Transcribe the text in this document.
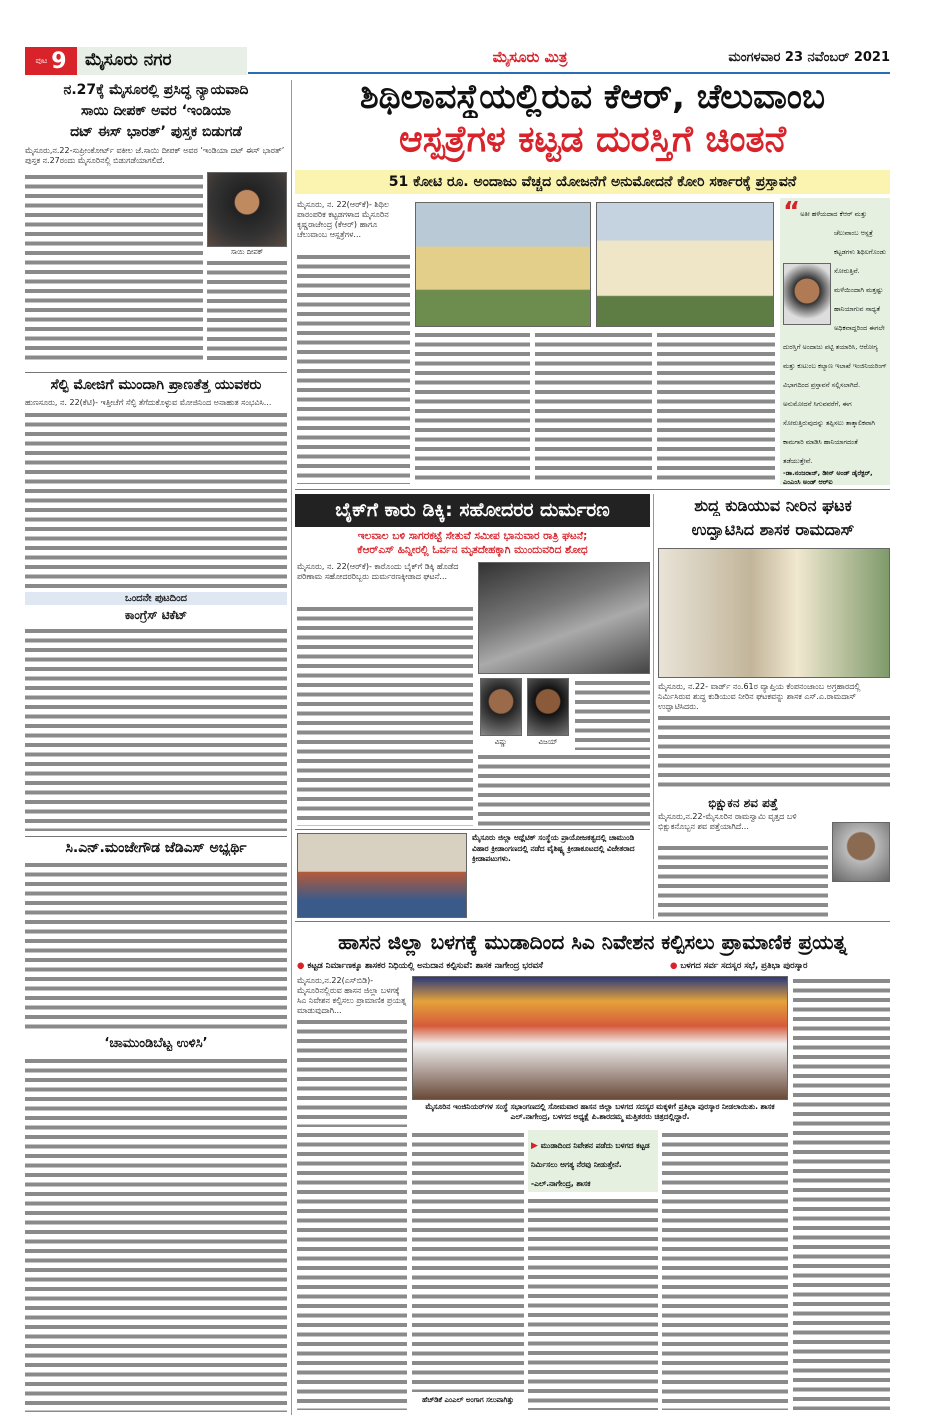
ಪುಟ 9	ಮೈಸೂರು ನಗರ	ಮೈಸೂರು ಮಿತ್ರ	ಮಂಗಳವಾರ 23 ನವೆಂಬರ್ 2021
ನ.27ಕ್ಕೆ ಮೈಸೂರಲ್ಲಿ ಪ್ರಸಿದ್ಧ ನ್ಯಾಯವಾದಿ
ಸಾಯಿ ದೀಪಕ್ ಅವರ ‘ಇಂಡಿಯಾ
ದಟ್ ಈಸ್ ಭಾರತ್’ ಪುಸ್ತಕ ಬಿಡುಗಡೆ
ಮೈಸೂರು,ನ.22-ಸುಪ್ರೀಂಕೋರ್ಟ್ ವಕೀಲ ಜೆ.ಸಾಯಿ ದೀಪಕ್ ಅವರ ‘ಇಂಡಿಯಾ ದಟ್ ಈಸ್ ಭಾರತ್’ ಪುಸ್ತಕ ನ.27ರಂದು ಮೈಸೂರಿನಲ್ಲಿ ಬಿಡುಗಡೆಯಾಗಲಿದೆ.
ಸಾಯಿ ದೀಪಕ್
ಸೆಲ್ಫಿ ಮೋಜಿಗೆ ಮುಂದಾಗಿ ಪ್ರಾಣತೆತ್ತ ಯುವಕರು
ಹುಣಸೂರು, ನ. 22(ಕೆಟಿ)- ಇತ್ತೀಚೆಗೆ ಸೆಲ್ಫಿ ತೆಗೆದುಕೊಳ್ಳುವ ಮೋಜಿನಿಂದ ಅನಾಹುತ ಸಂಭವಿಸಿ...
ಒಂದನೇ ಪುಟದಿಂದ
ಕಾಂಗ್ರೆಸ್ ಟಿಕೆಟ್
ಸಿ.ಎನ್.ಮಂಜೇಗೌಡ ಜೆಡಿಎಸ್ ಅಭ್ಯರ್ಥಿ
‘ಚಾಮುಂಡಿಬೆಟ್ಟ ಉಳಿಸಿ’
ಶಿಥಿಲಾವಸ್ಥೆಯಲ್ಲಿರುವ ಕೆಆರ್, ಚೆಲುವಾಂಬ
ಆಸ್ಪತ್ರೆಗಳ ಕಟ್ಟಡ ದುರಸ್ತಿಗೆ ಚಿಂತನೆ
51 ಕೋಟಿ ರೂ. ಅಂದಾಜು ವೆಚ್ಚದ ಯೋಜನೆಗೆ ಅನುಮೋದನೆ ಕೋರಿ ಸರ್ಕಾರಕ್ಕೆ ಪ್ರಸ್ತಾವನೆ
ಮೈಸೂರು, ನ. 22(ಆರ್‌ಕೆ)- ಶಿಥಿಲ ಪಾರಂಪರಿಕ ಕಟ್ಟಡಗಳಾದ ಮೈಸೂರಿನ ಕೃಷ್ಣರಾಜೇಂದ್ರ (ಕೆಆರ್) ಹಾಗೂ ಚೆಲುವಾಂಬ ಆಸ್ಪತ್ರೆಗಳ...
“ ಅತೀ ಹಳೆಯದಾದ ಕೆಆರ್ ಮತ್ತು ಚೆಲುವಾಂಬ ಆಸ್ಪತ್ರೆ ಕಟ್ಟಡಗಳು ಶಿಥಿಲಗೊಂಡು ಸೋರುತ್ತಿವೆ. ಮಳೆಯಿಂದಾಗಿ ಮತ್ತಷ್ಟು ಹಾನಿಯಾಗುವ ಸಾಧ್ಯತೆ ಅಧಿಕವಾದ್ದರಿಂದ ಈಗಲೇ ದುರಸ್ತಿಗೆ ಅಂದಾಜು ಪಟ್ಟಿ ತಯಾರಿಸಿ, ಆರೋಗ್ಯ ಮತ್ತು ಕುಟುಂಬ ಕಲ್ಯಾಣ ಇಲಾಖೆ ಇಂಜಿನಿಯರಿಂಗ್ ವಿಭಾಗದಿಂದ ಪ್ರಸ್ತಾವನೆ ಸಲ್ಲಿಸಲಾಗಿದೆ. ಅನುಮೋದನೆ ಸಿಗುವವರೆಗೆ, ಈಗ ಸೋರುತ್ತಿರುವುದನ್ನು ತಪ್ಪಿಸಲು ತಾತ್ಕಾಲಿಕವಾಗಿ ಕಾಮಗಾರಿ ಮಾಡಿಸಿ ಹಾನಿಯಾಗದಂತೆ ತಡೆಯುತ್ತೇವೆ.
-ಡಾ.ನಂಜರಾಜ್, ಡೀನ್ ಅಂಡ್ ಡೈರೆಕ್ಟರ್, ಎಂಎಂಸಿ ಅಂಡ್ ಆರ್‌ಐ
ಬೈಕ್‌ಗೆ ಕಾರು ಡಿಕ್ಕಿ: ಸಹೋದರರ ದುರ್ಮರಣ
ಇಲವಾಲ ಬಳಿ ಸಾಗರಕಟ್ಟೆ ಸೇತುವೆ ಸಮೀಪ ಭಾನುವಾರ ರಾತ್ರಿ ಘಟನೆ;
ಕೆಆರ್‌ಎಸ್ ಹಿನ್ನೀರಲ್ಲಿ ಓರ್ವನ ಮೃತದೇಹಕ್ಕಾಗಿ ಮುಂದುವರಿದ ಶೋಧ
ಮೈಸೂರು, ನ. 22(ಆರ್‌ಕೆ)- ಕಾರೊಂದು ಬೈಕ್‌ಗೆ ಡಿಕ್ಕಿ ಹೊಡೆದ ಪರಿಣಾಮ ಸಹೋದರರಿಬ್ಬರು ದುರ್ಮರಣಕ್ಕೀಡಾದ ಘಟನೆ...
ವಿಷ್ಣು	ವಿಜಯ್
ಶುದ್ಧ ಕುಡಿಯುವ ನೀರಿನ ಘಟಕ
ಉದ್ಘಾಟಿಸಿದ ಶಾಸಕ ರಾಮದಾಸ್
ಮೈಸೂರು, ನ.22- ವಾರ್ಡ್ ನಂ.61ರ ವ್ಯಾಪ್ತಿಯ ಕೆಂಪನಂಜಾಂಬ ಅಗ್ರಹಾರದಲ್ಲಿ ನಿರ್ಮಿಸಿರುವ ಶುದ್ಧ ಕುಡಿಯುವ ನೀರಿನ ಘಟಕವನ್ನು ಶಾಸಕ ಎಸ್.ಎ.ರಾಮದಾಸ್ ಉದ್ಘಾಟಿಸಿದರು.
ಭಿಕ್ಷುಕನ ಶವ ಪತ್ತೆ
ಮೈಸೂರು,ನ.22-ಮೈಸೂರಿನ ರಾಮಸ್ವಾಮಿ ವೃತ್ತದ ಬಳಿ ಭಿಕ್ಷುಕನೊಬ್ಬನ ಶವ ಪತ್ತೆಯಾಗಿದೆ...
ಮೈಸೂರು ಜಿಲ್ಲಾ ಅಥ್ಲೆಟಿಕ್ ಸಂಸ್ಥೆಯ ಪ್ರಾಯೋಜಕತ್ವದಲ್ಲಿ ಚಾಮುಂಡಿ ವಿಹಾರ ಕ್ರೀಡಾಂಗಣದಲ್ಲಿ ನಡೆದ ವೈಶಿಷ್ಟ್ಯ ಕ್ರೀಡಾಕೂಟದಲ್ಲಿ ವಿಜೇತರಾದ ಕ್ರೀಡಾಪಟುಗಳು.
ಹಾಸನ ಜಿಲ್ಲಾ ಬಳಗಕ್ಕೆ ಮುಡಾದಿಂದ ಸಿಎ ನಿವೇಶನ ಕಲ್ಪಿಸಲು ಪ್ರಾಮಾಣಿಕ ಪ್ರಯತ್ನ
● ಕಟ್ಟಡ ನಿರ್ಮಾಣಕ್ಕೂ ಶಾಸಕರ ನಿಧಿಯಲ್ಲಿ ಅನುದಾನ ಕಲ್ಪಿಸುವೆ: ಶಾಸಕ ನಾಗೇಂದ್ರ ಭರವಸೆ	● ಬಳಗದ ಸರ್ವ ಸದಸ್ಯರ ಸಭೆ, ಪ್ರತಿಭಾ ಪುರಸ್ಕಾರ
ಮೈಸೂರು,ನ.22(ಎಸ್‌ಬಿಡಿ)-ಮೈಸೂರಿನಲ್ಲಿರುವ ಹಾಸನ ಜಿಲ್ಲಾ ಬಳಗಕ್ಕೆ ಸಿಎ ನಿವೇಶನ ಕಲ್ಪಿಸಲು ಪ್ರಾಮಾಣಿಕ ಪ್ರಯತ್ನ ಮಾಡುವುದಾಗಿ...
ಮೈಸೂರಿನ ಇಂಜಿನಿಯರ್‌ಗಳ ಸಂಸ್ಥೆ ಸಭಾಂಗಣದಲ್ಲಿ ಸೋಮವಾರ ಹಾಸನ ಜಿಲ್ಲಾ ಬಳಗದ ಸದಸ್ಯರ ಮಕ್ಕಳಿಗೆ ಪ್ರತಿಭಾ ಪುರಸ್ಕಾರ ನೀಡಲಾಯಿತು. ಶಾಸಕ ಎಲ್.ನಾಗೇಂದ್ರ, ಬಳಗದ ಅಧ್ಯಕ್ಷೆ ಪಿ.ಶಾರದಮ್ಮ ಮತ್ತಿತರರು ಚಿತ್ರದಲ್ಲಿದ್ದಾರೆ.
ಹೆಚ್‌ಡಿಕೆ ಎಂಎಲ್ ಅಂಗಾಗ ಸಲುವಾಗಿತ್ತು
▶ ಮುಡಾದಿಂದ ನಿವೇಶನ ಪಡೆದು ಬಳಗದ ಕಟ್ಟಡ ನಿರ್ಮಿಸಲು ಅಗತ್ಯ ನೆರವು ನೀಡುತ್ತೇನೆ. -ಎಲ್.ನಾಗೇಂದ್ರ, ಶಾಸಕ
